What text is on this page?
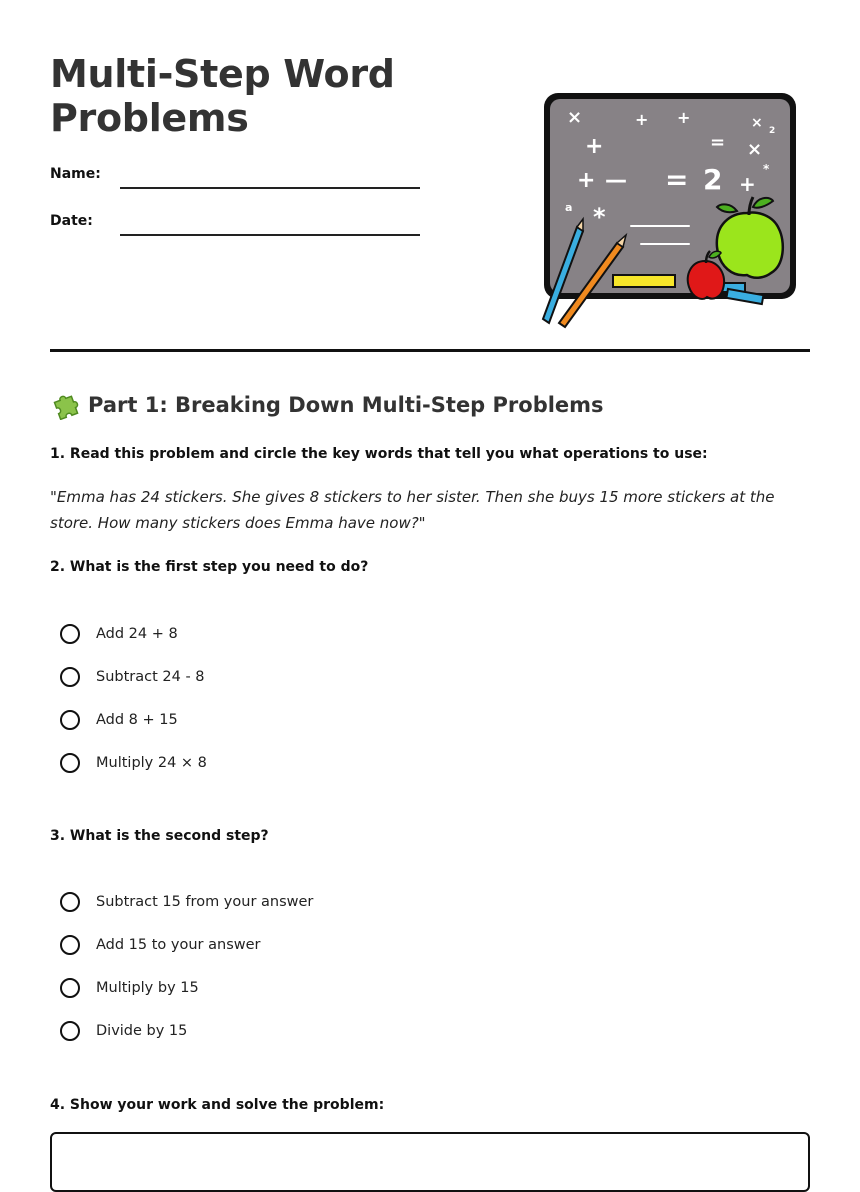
Multi-Step Word
Problems
Name:
Date:
×	+ +	× 2
+	= ×
*
+ — = 2 +
*
a
Part 1: Breaking Down Multi-Step Problems

1. Read this problem and circle the key words that tell you what operations to use:

"Emma has 24 stickers. She gives 8 stickers to her sister. Then she buys 15 more stickers at the store. How many stickers does Emma have now?"

2. What is the first step you need to do?

Add 24 + 8
Subtract 24 - 8
Add 8 + 15
Multiply 24 × 8

3. What is the second step?

Subtract 15 from your answer
Add 15 to your answer
Multiply by 15
Divide by 15

4. Show your work and solve the problem:
